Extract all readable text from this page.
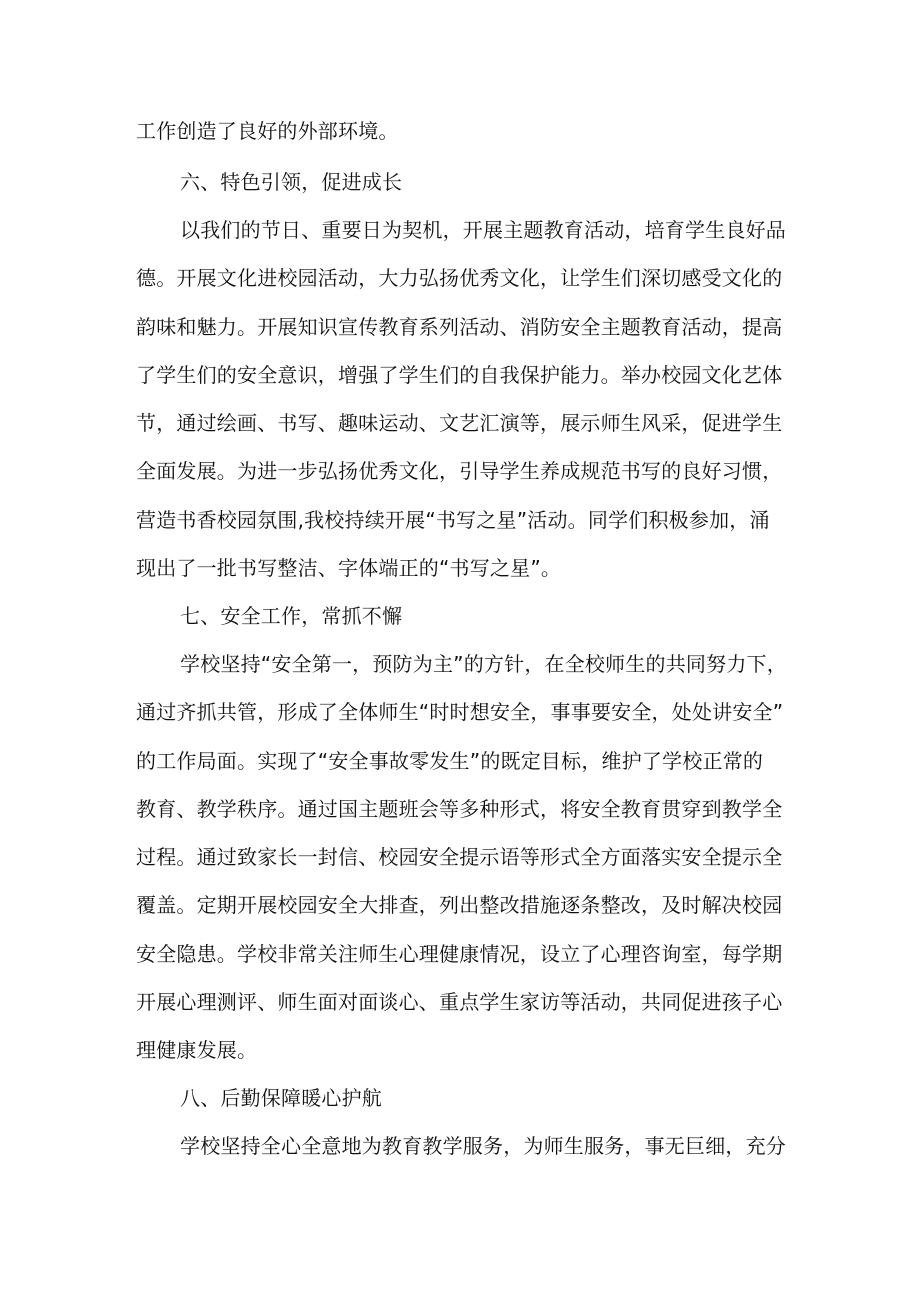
工作创造了良好的外部环境。
六、特色引领，促进成长
以我们的节日、重要日为契机，开展主题教育活动，培育学生良好品
德。开展文化进校园活动，大力弘扬优秀文化，让学生们深切感受文化的
韵味和魅力。开展知识宣传教育系列活动、消防安全主题教育活动，提高
了学生们的安全意识，增强了学生们的自我保护能力。举办校园文化艺体
节，通过绘画、书写、趣味运动、文艺汇演等，展示师生风采，促进学生
全面发展。为进一步弘扬优秀文化，引导学生养成规范书写的良好习惯，
营造书香校园氛围,我校持续开展“书写之星”活动。同学们积极参加，涌
现出了一批书写整洁、字体端正的“书写之星”。
七、安全工作，常抓不懈
学校坚持“安全第一，预防为主”的方针，在全校师生的共同努力下，
通过齐抓共管，形成了全体师生“时时想安全，事事要安全，处处讲安全”
的工作局面。实现了“安全事故零发生”的既定目标，维护了学校正常的
教育、教学秩序。通过国主题班会等多种形式，将安全教育贯穿到教学全
过程。通过致家长一封信、校园安全提示语等形式全方面落实安全提示全
覆盖。定期开展校园安全大排查，列出整改措施逐条整改，及时解决校园
安全隐患。学校非常关注师生心理健康情况，设立了心理咨询室，每学期
开展心理测评、师生面对面谈心、重点学生家访等活动，共同促进孩子心
理健康发展。
八、后勤保障暖心护航
学校坚持全心全意地为教育教学服务，为师生服务，事无巨细，充分
